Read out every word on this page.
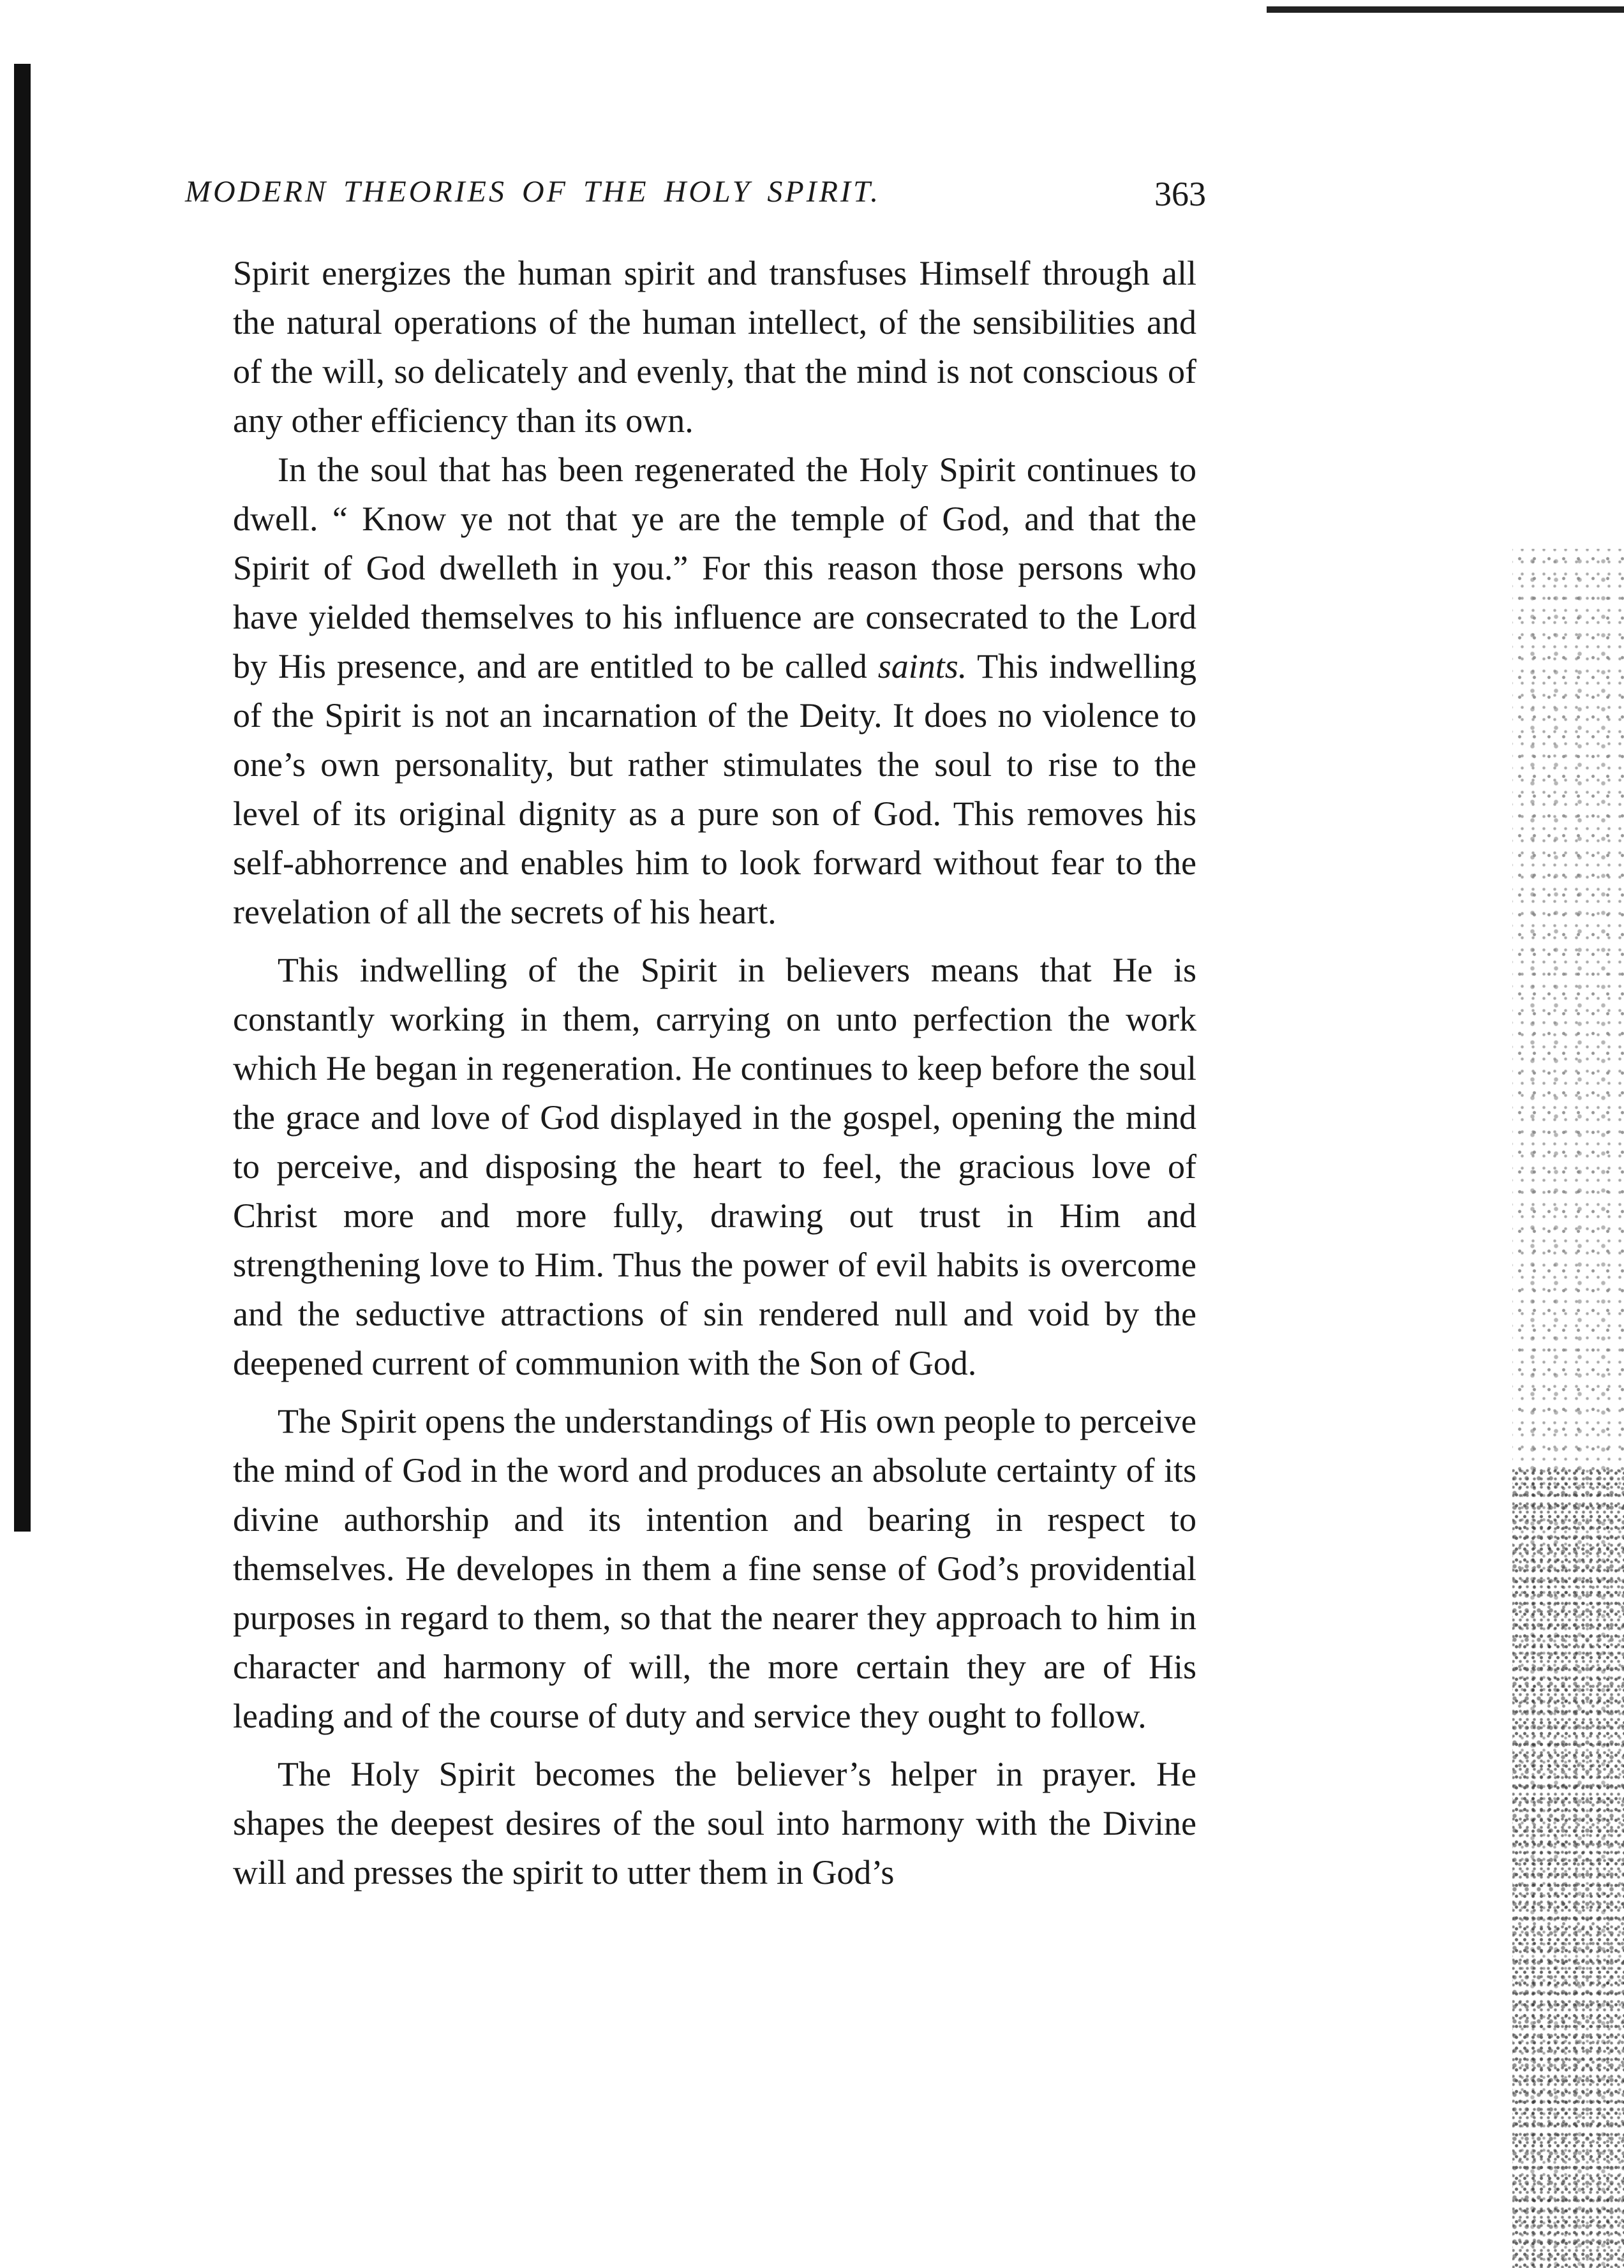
MODERN THEORIES OF THE HOLY SPIRIT.	363

Spirit energizes the human spirit and transfuses Himself through all the natural operations of the human intellect, of the sensibilities and of the will, so delicately and evenly, that the mind is not conscious of any other efficiency than its own.

In the soul that has been regenerated the Holy Spirit continues to dwell. “ Know ye not that ye are the temple of God, and that the Spirit of God dwelleth in you.” For this reason those persons who have yielded themselves to his influence are consecrated to the Lord by His presence, and are entitled to be called saints. This indwelling of the Spirit is not an incarnation of the Deity. It does no violence to one’s own personality, but rather stimulates the soul to rise to the level of its original dignity as a pure son of God. This removes his self-abhorrence and enables him to look forward without fear to the revelation of all the secrets of his heart.

This indwelling of the Spirit in believers means that He is constantly working in them, carrying on unto perfection the work which He began in regeneration. He continues to keep before the soul the grace and love of God displayed in the gospel, opening the mind to perceive, and disposing the heart to feel, the gracious love of Christ more and more fully, drawing out trust in Him and strengthening love to Him. Thus the power of evil habits is overcome and the seductive attractions of sin rendered null and void by the deepened current of communion with the Son of God.

The Spirit opens the understandings of His own people to perceive the mind of God in the word and produces an absolute certainty of its divine authorship and its intention and bearing in respect to themselves. He developes in them a fine sense of God’s providential purposes in regard to them, so that the nearer they approach to him in character and harmony of will, the more certain they are of His leading and of the course of duty and service they ought to follow.

The Holy Spirit becomes the believer’s helper in prayer. He shapes the deepest desires of the soul into harmony with the Divine will and presses the spirit to utter them in God’s
